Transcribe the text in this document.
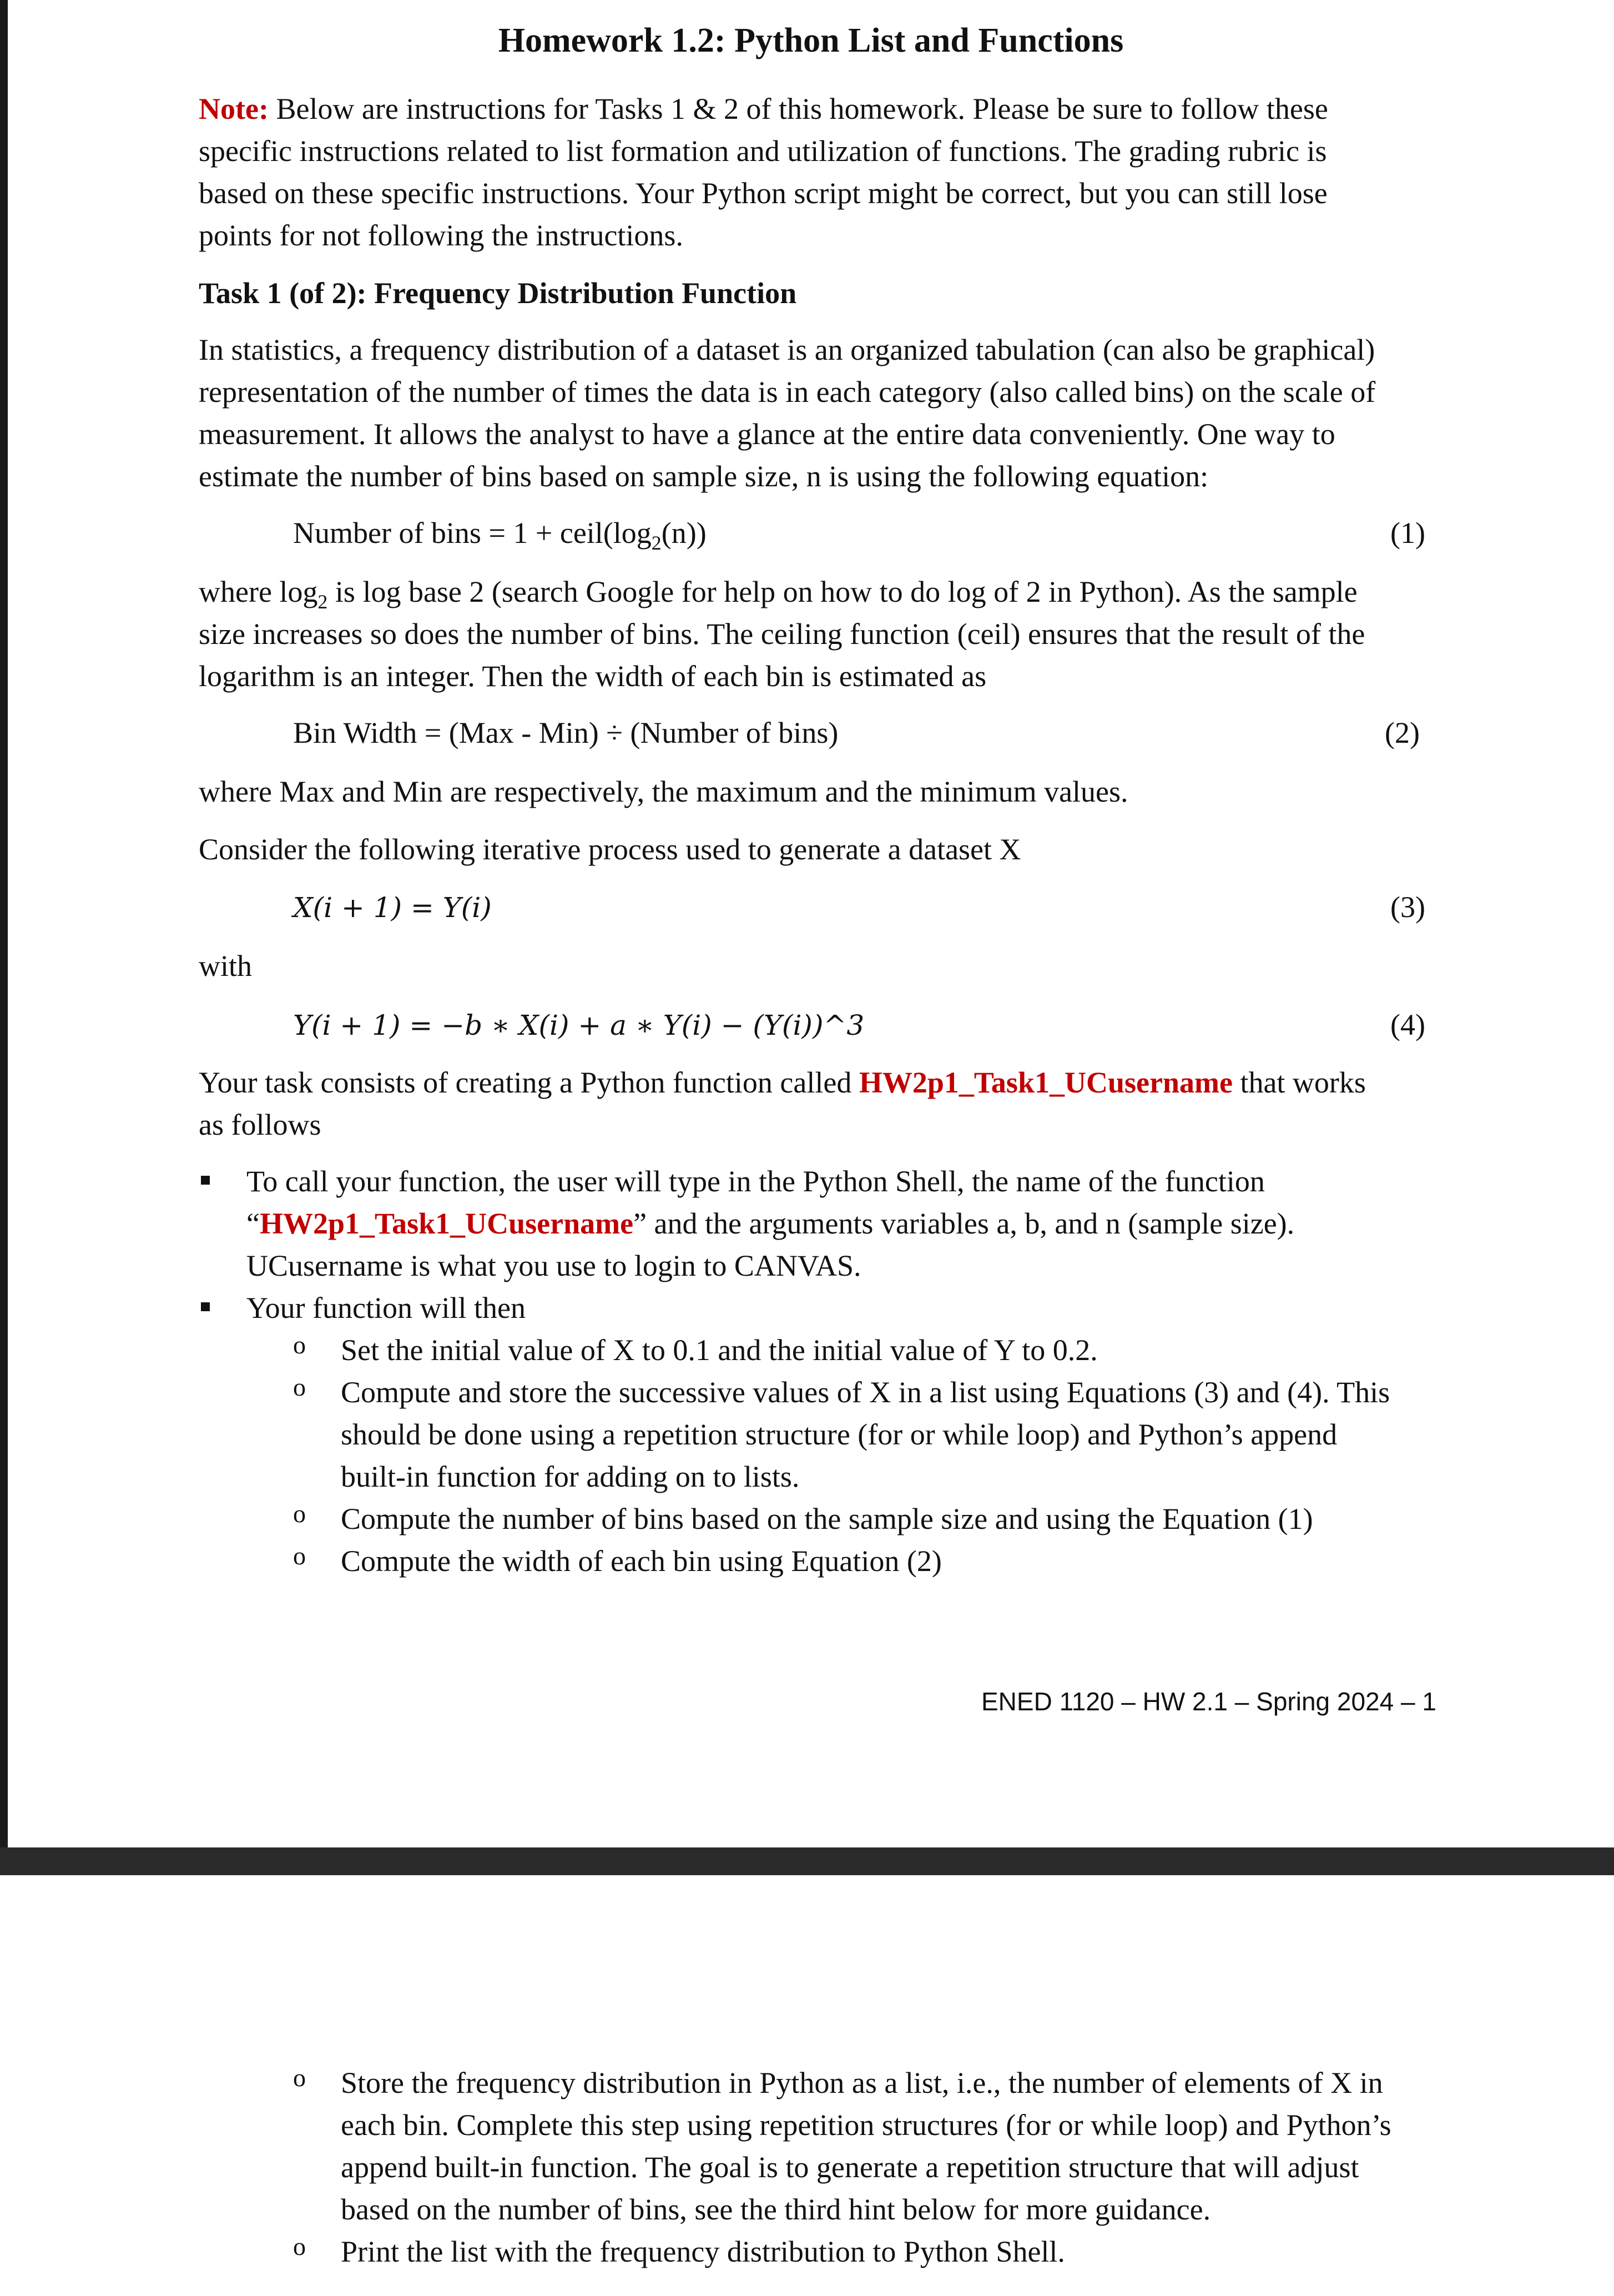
Homework 1.2: Python List and Functions

Note: Below are instructions for Tasks 1 & 2 of this homework. Please be sure to follow these

specific instructions related to list formation and utilization of functions. The grading rubric is

based on these specific instructions. Your Python script might be correct, but you can still lose

points for not following the instructions.

Task 1 (of 2): Frequency Distribution Function

In statistics, a frequency distribution of a dataset is an organized tabulation (can also be graphical)

representation of the number of times the data is in each category (also called bins) on the scale of

measurement. It allows the analyst to have a glance at the entire data conveniently. One way to

estimate the number of bins based on sample size, n is using the following equation:

Number of bins = $1 + ceil(\log_2(n))$	(1)

where $\log_2$ is log base 2 (search Google for help on how to do log of 2 in Python). As the sample

size increases so does the number of bins. The ceiling function (ceil) ensures that the result of the

logarithm is an integer. Then the width of each bin is estimated as

Bin Width = (Max - Min) ÷ (Number of bins)	(2)

where Max and Min are respectively, the maximum and the minimum values.

Consider the following iterative process used to generate a dataset X

X(i + 1) = Y(i)	(3)

with

Y(i + 1) = −b ∗ X(i) + a ∗ Y(i) − (Y(i))^3	(4)

Your task consists of creating a Python function called HW2p1_Task1_UCusername that works

as follows

To call your function, the user will type in the Python Shell, the name of the function

“HW2p1_Task1_UCusername” and the arguments variables a, b, and n (sample size).

UCusername is what you use to login to CANVAS.

Your function will then

o Set the initial value of X to 0.1 and the initial value of Y to 0.2.

o Compute and store the successive values of X in a list using Equations (3) and (4). This

should be done using a repetition structure (for or while loop) and Python’s append

built-in function for adding on to lists.

o Compute the number of bins based on the sample size and using the Equation (1)

o Compute the width of each bin using Equation (2)

ENED 1120 – HW 2.1 – Spring 2024 – 1
o Store the frequency distribution in Python as a list, i.e., the number of elements of X in

each bin. Complete this step using repetition structures (for or while loop) and Python’s

append built-in function. The goal is to generate a repetition structure that will adjust

based on the number of bins, see the third hint below for more guidance.

o Print the list with the frequency distribution to Python Shell.
